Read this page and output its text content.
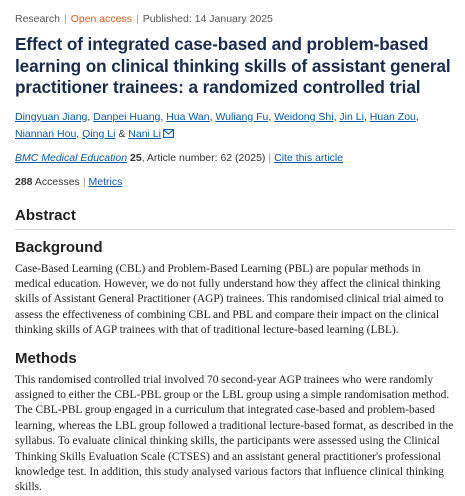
Research | Open access | Published: 14 January 2025
Effect of integrated case-based and problem-based learning on clinical thinking skills of assistant general practitioner trainees: a randomized controlled trial
Dingyuan Jiang, Danpei Huang, Hua Wan, Wuliang Fu, Weidong Shi, Jin Li, Huan Zou, Niannan Hou, Qing Li & Nani Li
BMC Medical Education 25, Article number: 62 (2025) | Cite this article
288 Accesses | Metrics
Abstract
Background

Case-Based Learning (CBL) and Problem-Based Learning (PBL) are popular methods in medical education. However, we do not fully understand how they affect the clinical thinking skills of Assistant General Practitioner (AGP) trainees. This randomised clinical trial aimed to assess the effectiveness of combining CBL and PBL and compare their impact on the clinical thinking skills of AGP trainees with that of traditional lecture-based learning (LBL).

Methods

This randomised controlled trial involved 70 second-year AGP trainees who were randomly assigned to either the CBL-PBL group or the LBL group using a simple randomisation method. The CBL-PBL group engaged in a curriculum that integrated case-based and problem-based learning, whereas the LBL group followed a traditional lecture-based format, as described in the syllabus. To evaluate clinical thinking skills, the participants were assessed using the Clinical Thinking Skills Evaluation Scale (CTSES) and an assistant general practitioner's professional knowledge test. In addition, this study analysed various factors that influence clinical thinking skills.
